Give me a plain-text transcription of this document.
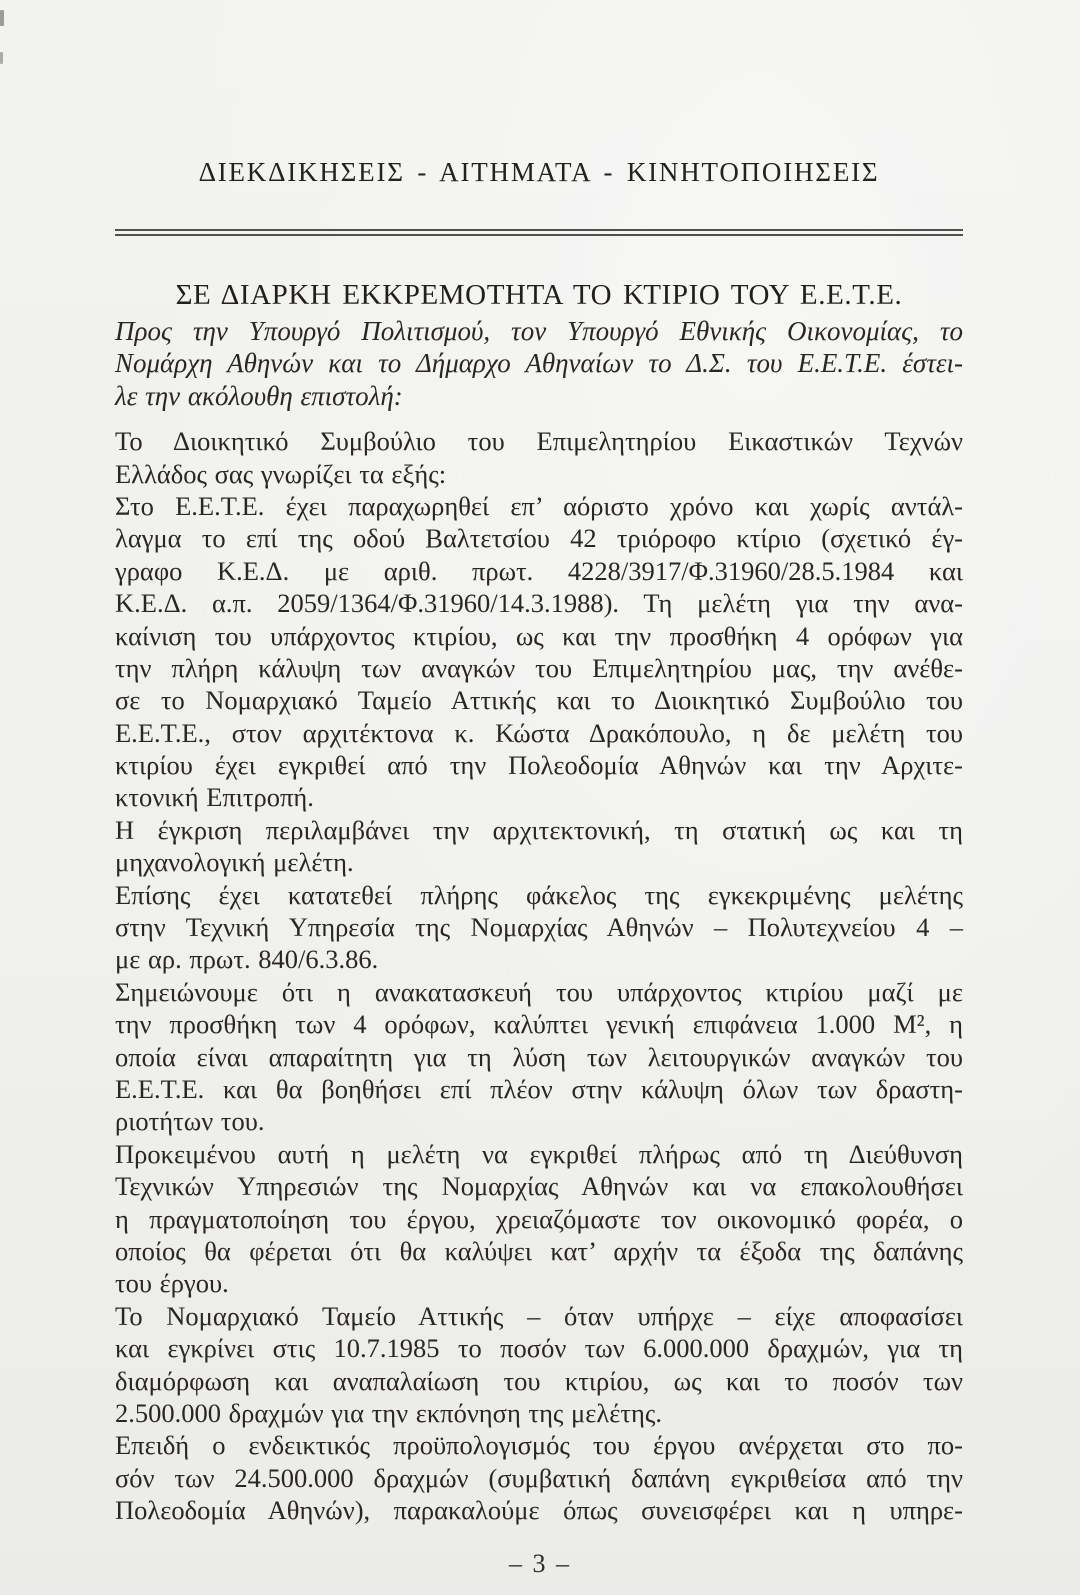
ΔΙΕΚΔΙΚΗΣΕΙΣ - ΑΙΤΗΜΑΤΑ - ΚΙΝΗΤΟΠΟΙΗΣΕΙΣ
ΣΕ ΔΙΑΡΚΗ ΕΚΚΡΕΜΟΤΗΤΑ ΤΟ ΚΤΙΡΙΟ ΤΟΥ Ε.Ε.Τ.Ε.
Προς την Υπουργό Πολιτισμού, τον Υπουργό Εθνικής Οικονομίας, το
Νομάρχη Αθηνών και το Δήμαρχο Αθηναίων το Δ.Σ. του Ε.Ε.Τ.Ε. έστει-
λε την ακόλουθη επιστολή:
Το Διοικητικό Συμβούλιο του Επιμελητηρίου Εικαστικών Τεχνών
Ελλάδος σας γνωρίζει τα εξής:
Στο Ε.Ε.Τ.Ε. έχει παραχωρηθεί επ’ αόριστο χρόνο και χωρίς αντάλ-
λαγμα το επί της οδού Βαλτετσίου 42 τριόροφο κτίριο (σχετικό έγ-
γραφο Κ.Ε.Δ. με αριθ. πρωτ. 4228/3917/Φ.31960/28.5.1984 και
Κ.Ε.Δ. α.π. 2059/1364/Φ.31960/14.3.1988). Τη μελέτη για την ανα-
καίνιση του υπάρχοντος κτιρίου, ως και την προσθήκη 4 ορόφων για
την πλήρη κάλυψη των αναγκών του Επιμελητηρίου μας, την ανέθε-
σε το Νομαρχιακό Ταμείο Αττικής και το Διοικητικό Συμβούλιο του
Ε.Ε.Τ.Ε., στον αρχιτέκτονα κ. Κώστα Δρακόπουλο, η δε μελέτη του
κτιρίου έχει εγκριθεί από την Πολεοδομία Αθηνών και την Αρχιτε-
κτονική Επιτροπή.
Η έγκριση περιλαμβάνει την αρχιτεκτονική, τη στατική ως και τη
μηχανολογική μελέτη.
Επίσης έχει κατατεθεί πλήρης φάκελος της εγκεκριμένης μελέτης
στην Τεχνική Υπηρεσία της Νομαρχίας Αθηνών – Πολυτεχνείου 4 –
με αρ. πρωτ. 840/6.3.86.
Σημειώνουμε ότι η ανακατασκευή του υπάρχοντος κτιρίου μαζί με
την προσθήκη των 4 ορόφων, καλύπτει γενική επιφάνεια 1.000 Μ², η
οποία είναι απαραίτητη για τη λύση των λειτουργικών αναγκών του
Ε.Ε.Τ.Ε. και θα βοηθήσει επί πλέον στην κάλυψη όλων των δραστη-
ριοτήτων του.
Προκειμένου αυτή η μελέτη να εγκριθεί πλήρως από τη Διεύθυνση
Τεχνικών Υπηρεσιών της Νομαρχίας Αθηνών και να επακολουθήσει
η πραγματοποίηση του έργου, χρειαζόμαστε τον οικονομικό φορέα, ο
οποίος θα φέρεται ότι θα καλύψει κατ’ αρχήν τα έξοδα της δαπάνης
του έργου.
Το Νομαρχιακό Ταμείο Αττικής – όταν υπήρχε – είχε αποφασίσει
και εγκρίνει στις 10.7.1985 το ποσόν των 6.000.000 δραχμών, για τη
διαμόρφωση και αναπαλαίωση του κτιρίου, ως και το ποσόν των
2.500.000 δραχμών για την εκπόνηση της μελέτης.
Επειδή ο ενδεικτικός προϋπολογισμός του έργου ανέρχεται στο πο-
σόν των 24.500.000 δραχμών (συμβατική δαπάνη εγκριθείσα από την
Πολεοδομία Αθηνών), παρακαλούμε όπως συνεισφέρει και η υπηρε-
– 3 –
